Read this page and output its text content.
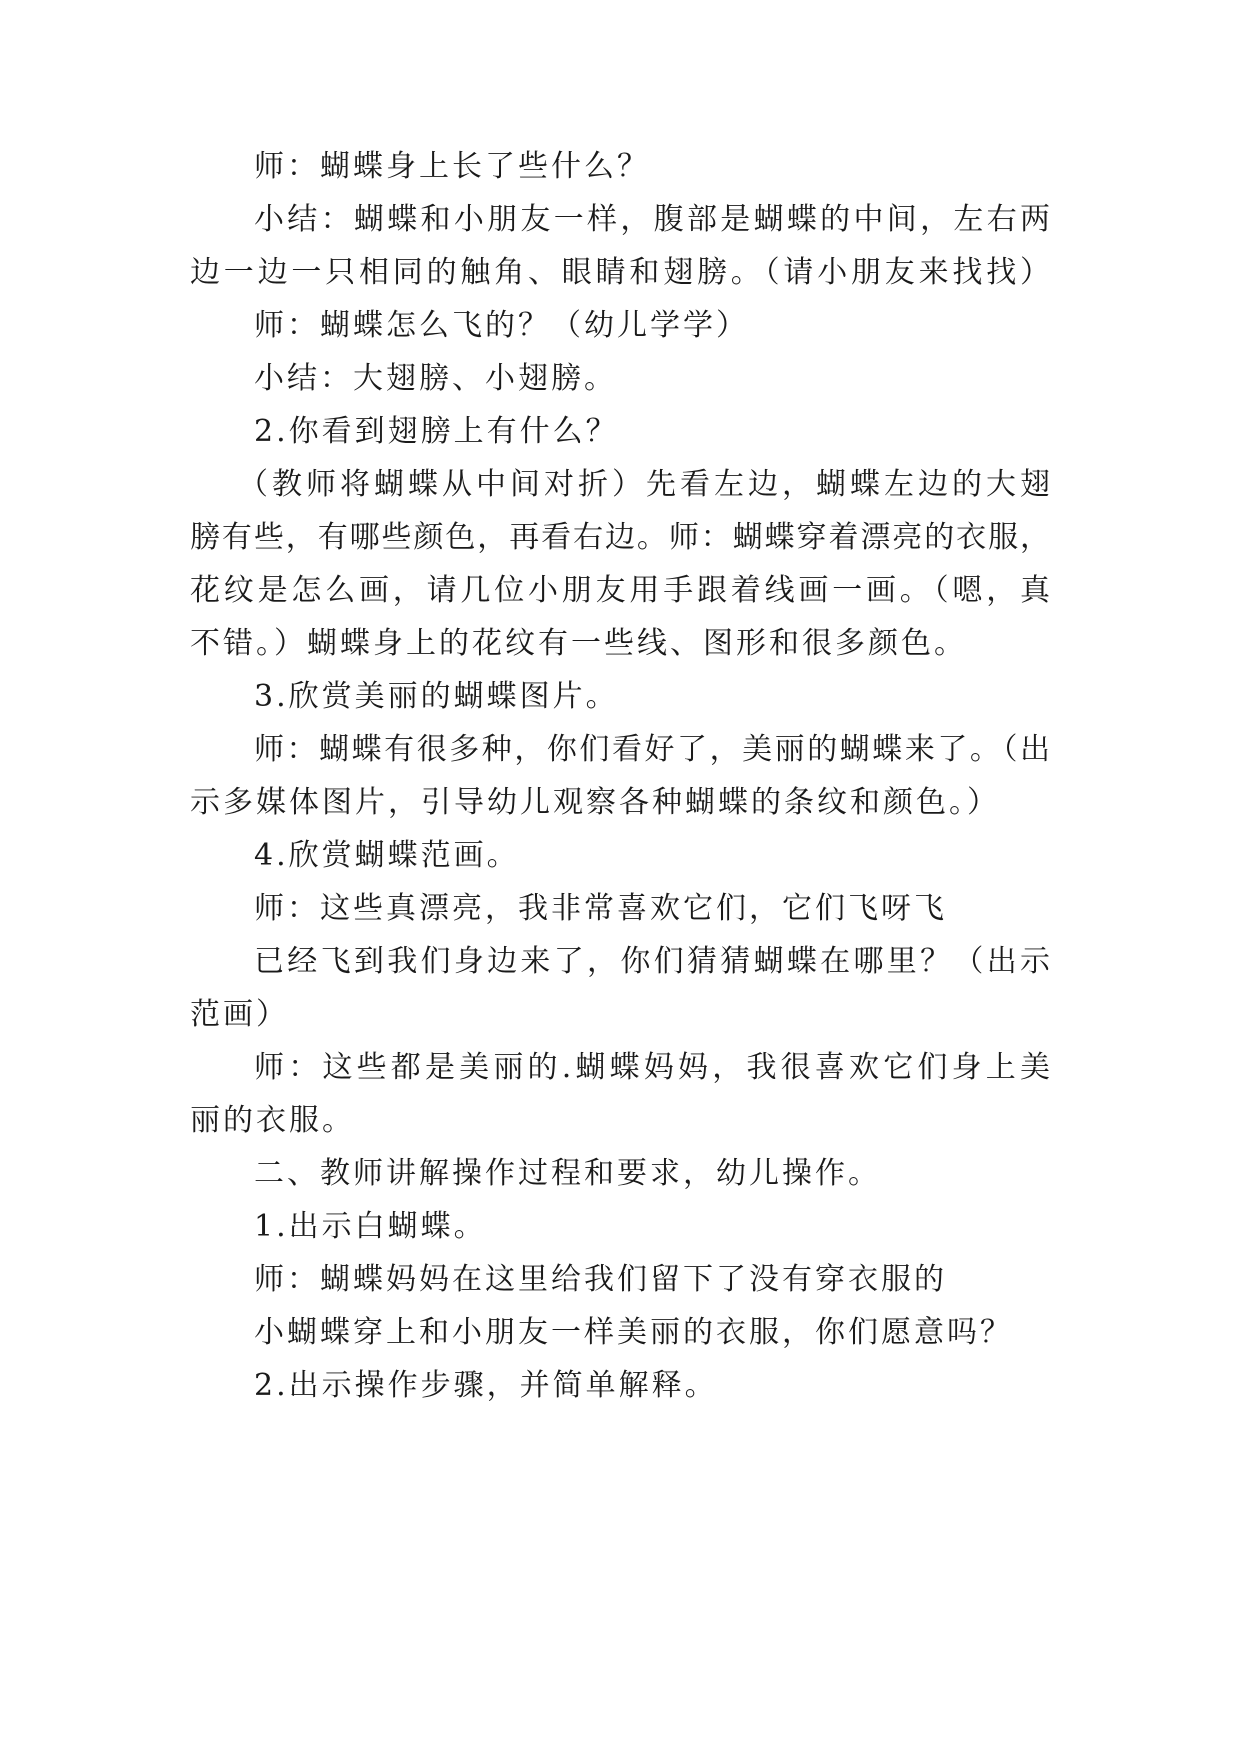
师：蝴蝶身上长了些什么？
小结：蝴蝶和小朋友一样，腹部是蝴蝶的中间，左右两
边一边一只相同的触角、眼睛和翅膀。（请小朋友来找找）
师：蝴蝶怎么飞的？（幼儿学学）
小结：大翅膀、小翅膀。
2.你看到翅膀上有什么？
（教师将蝴蝶从中间对折）先看左边，蝴蝶左边的大翅
膀有些，有哪些颜色，再看右边。师：蝴蝶穿着漂亮的衣服，
花纹是怎么画，请几位小朋友用手跟着线画一画。（嗯，真
不错。）蝴蝶身上的花纹有一些线、图形和很多颜色。
3.欣赏美丽的蝴蝶图片。
师：蝴蝶有很多种，你们看好了，美丽的蝴蝶来了。（出
示多媒体图片，引导幼儿观察各种蝴蝶的条纹和颜色。）
4.欣赏蝴蝶范画。
师：这些真漂亮，我非常喜欢它们，它们飞呀飞
已经飞到我们身边来了，你们猜猜蝴蝶在哪里？（出示
范画）
师：这些都是美丽的.蝴蝶妈妈，我很喜欢它们身上美
丽的衣服。
二、教师讲解操作过程和要求，幼儿操作。
1.出示白蝴蝶。
师：蝴蝶妈妈在这里给我们留下了没有穿衣服的
小蝴蝶穿上和小朋友一样美丽的衣服，你们愿意吗？
2.出示操作步骤，并简单解释。
